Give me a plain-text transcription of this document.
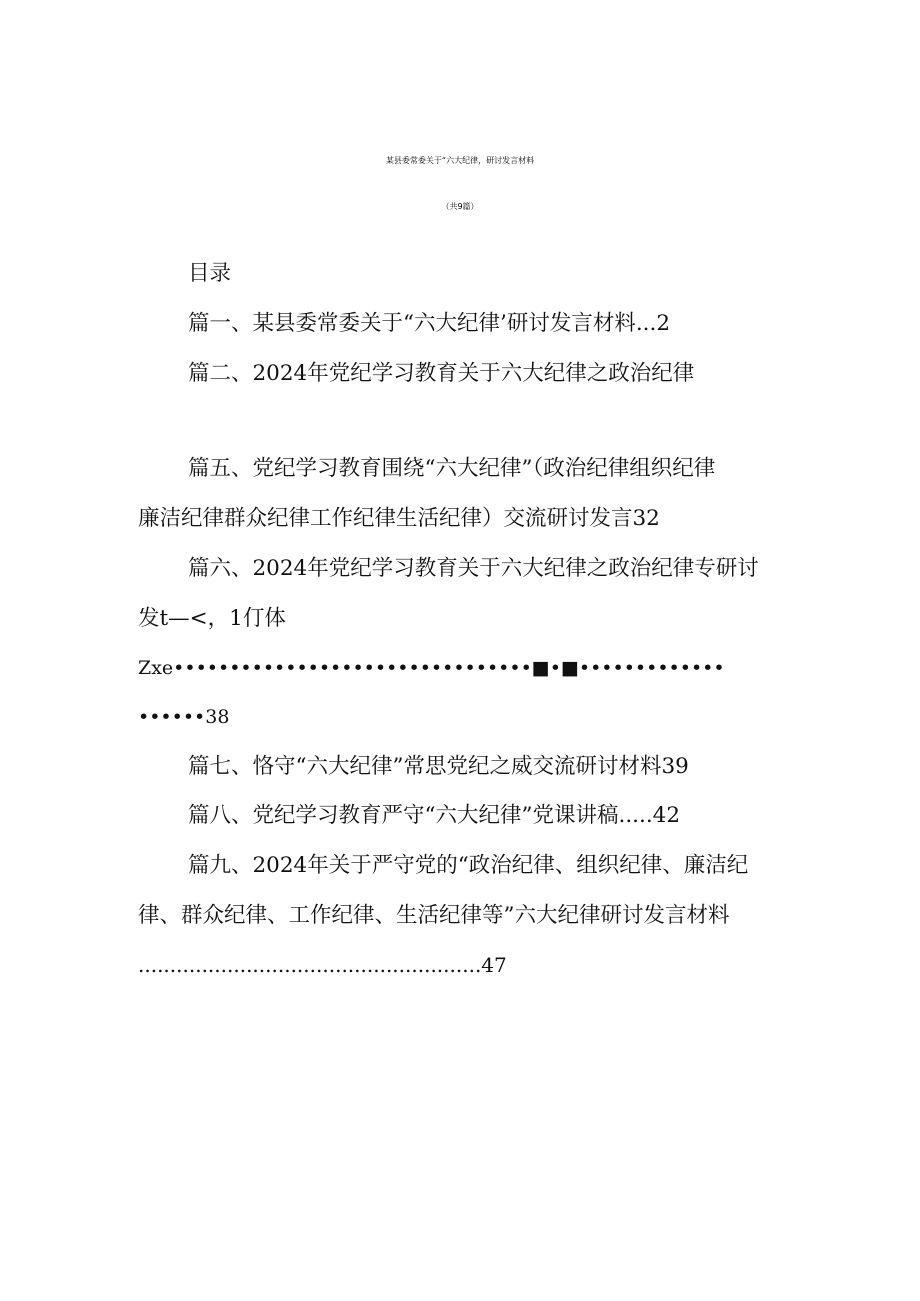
某县委常委关于“六大纪律，研讨发言材料
（共9篇）
目录
篇一、某县委常委关于“六大纪律’研讨发言材料...2
篇二、2024年党纪学习教育关于六大纪律之政治纪律
篇五、党纪学习教育围绕“六大纪律”（政治纪律组织纪律
廉洁纪律群众纪律工作纪律生活纪律）交流研讨发言32
篇六、2024年党纪学习教育关于六大纪律之政治纪律专研讨
发t—<，1仃体
Zxe••••••••••••••••••••••••••••••••■•■•••••••••••••
••••••38
篇七、恪守“六大纪律”常思党纪之威交流研讨材料39
篇八、党纪学习教育严守“六大纪律”党课讲稿.....42
篇九、2024年关于严守党的“政治纪律、组织纪律、廉洁纪
律、群众纪律、工作纪律、生活纪律等”六大纪律研讨发言材料
......................................................47
